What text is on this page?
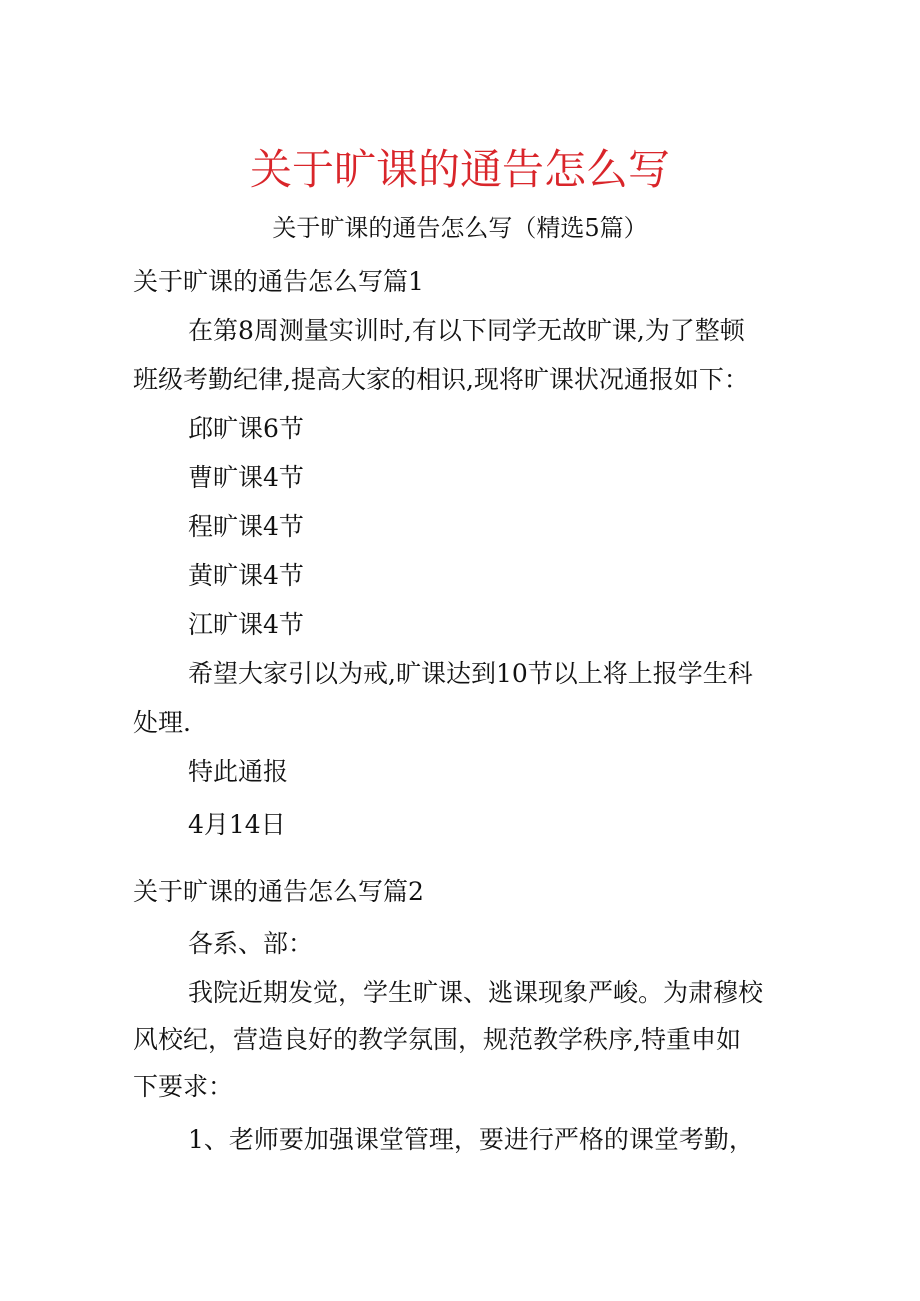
关于旷课的通告怎么写
关于旷课的通告怎么写（精选5篇）
关于旷课的通告怎么写篇1
在第8周测量实训时,有以下同学无故旷课,为了整顿
班级考勤纪律,提高大家的相识,现将旷课状况通报如下：
邱旷课6节
曹旷课4节
程旷课4节
黄旷课4节
江旷课4节
希望大家引以为戒,旷课达到10节以上将上报学生科
处理.
特此通报
4月14日
关于旷课的通告怎么写篇2
各系、部：
我院近期发觉，学生旷课、逃课现象严峻。为肃穆校
风校纪，营造良好的教学氛围，规范教学秩序,特重申如
下要求：
1、老师要加强课堂管理，要进行严格的课堂考勤，
